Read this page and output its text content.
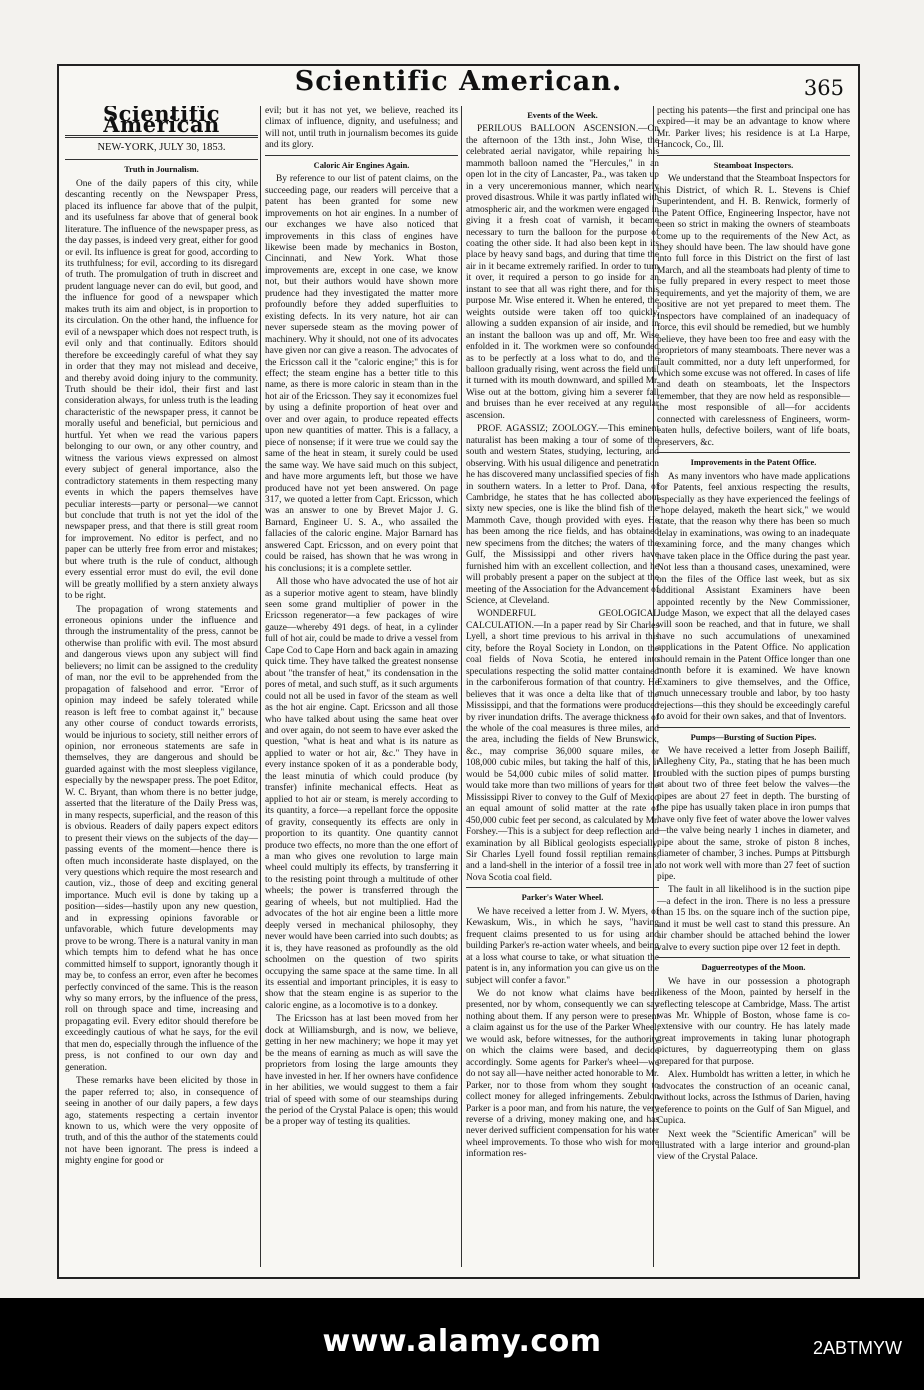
Scientific American.	365
Scientific American
NEW-YORK, JULY 30, 1853.
Truth in Journalism.

One of the daily papers of this city, while descanting recently on the Newspaper Press, placed its influence far above that of the pulpit, and its usefulness far above that of general book literature. The influence of the newspaper press, as the day passes, is indeed very great, either for good or evil. Its influence is great for good, according to its truthfulness; for evil, according to its disregard of truth. The promulgation of truth in discreet and prudent language never can do evil, but good, and the influence for good of a newspaper which makes truth its aim and object, is in proportion to its circulation. On the other hand, the influence for evil of a newspaper which does not respect truth, is evil only and that continually. Editors should therefore be exceedingly careful of what they say in order that they may not mislead and deceive, and thereby avoid doing injury to the community. Truth should be their idol, their first and last consideration always, for unless truth is the leading characteristic of the newspaper press, it cannot be morally useful and beneficial, but pernicious and hurtful. Yet when we read the various papers belonging to our own, or any other country, and witness the various views expressed on almost every subject of general importance, also the contradictory statements in them respecting many events in which the papers themselves have peculiar interests—party or personal—we cannot but conclude that truth is not yet the idol of the newspaper press, and that there is still great room for improvement. No editor is perfect, and no paper can be utterly free from error and mistakes; but where truth is the rule of conduct, although every essential error must do evil, the evil done will be greatly mollified by a stern anxiety always to be right.

The propagation of wrong statements and erroneous opinions under the influence and through the instrumentality of the press, cannot be otherwise than prolific with evil. The most absurd and dangerous views upon any subject will find believers; no limit can be assigned to the credulity of man, nor the evil to be apprehended from the propagation of falsehood and error. "Error of opinion may indeed be safely tolerated while reason is left free to combat against it," because any other course of conduct towards errorists, would be injurious to society, still neither errors of opinion, nor erroneous statements are safe in themselves, they are dangerous and should be guarded against with the most sleepless vigilance, especially by the newspaper press. The poet Editor, W. C. Bryant, than whom there is no better judge, asserted that the literature of the Daily Press was, in many respects, superficial, and the reason of this is obvious. Readers of daily papers expect editors to present their views on the subjects of the day—passing events of the moment—hence there is often much inconsiderate haste displayed, on the very questions which require the most research and caution, viz., those of deep and exciting general importance. Much evil is done by taking up a position—sides—hastily upon any new question, and in expressing opinions favorable or unfavorable, which future developments may prove to be wrong. There is a natural vanity in man which tempts him to defend what he has once committed himself to support, ignorantly though it may be, to confess an error, even after he becomes perfectly convinced of the same. This is the reason why so many errors, by the influence of the press, roll on through space and time, increasing and propagating evil. Every editor should therefore be exceedingly cautious of what he says, for the evil that men do, especially through the influence of the press, is not confined to our own day and generation.

These remarks have been elicited by those in the paper referred to; also, in consequence of seeing in another of our daily papers, a few days ago, statements respecting a certain inventor known to us, which were the very opposite of truth, and of this the author of the statements could not have been ignorant. The press is indeed a mighty engine for good or

evil; but it has not yet, we believe, reached its climax of influence, dignity, and usefulness; and will not, until truth in journalism becomes its guide and its glory.

Caloric Air Engines Again.

By reference to our list of patent claims, on the succeeding page, our readers will perceive that a patent has been granted for some new improvements on hot air engines. In a number of our exchanges we have also noticed that improvements in this class of engines have likewise been made by mechanics in Boston, Cincinnati, and New York. What those improvements are, except in one case, we know not, but their authors would have shown more prudence had they investigated the matter more profoundly before they added superfluities to existing defects. In its very nature, hot air can never supersede steam as the moving power of machinery. Why it should, not one of its advocates have given nor can give a reason. The advocates of the Ericsson call it the "caloric engine;" this is for effect; the steam engine has a better title to this name, as there is more caloric in steam than in the hot air of the Ericsson. They say it economizes fuel by using a definite proportion of heat over and over and over again, to produce repeated effects upon new quantities of matter. This is a fallacy, a piece of nonsense; if it were true we could say the same of the heat in steam, it surely could be used the same way. We have said much on this subject, and have more arguments left, but those we have produced have not yet been answered. On page 317, we quoted a letter from Capt. Ericsson, which was an answer to one by Brevet Major J. G. Barnard, Engineer U. S. A., who assailed the fallacies of the caloric engine. Major Barnard has answered Capt. Ericsson, and on every point that could be raised, has shown that he was wrong in his conclusions; it is a complete settler.

All those who have advocated the use of hot air as a superior motive agent to steam, have blindly seen some grand multiplier of power in the Ericsson regenerator—a few packages of wire gauze—whereby 491 degs. of heat, in a cylinder full of hot air, could be made to drive a vessel from Cape Cod to Cape Horn and back again in amazing quick time. They have talked the greatest nonsense about "the transfer of heat," its condensation in the pores of metal, and such stuff, as it such arguments could not all be used in favor of the steam as well as the hot air engine. Capt. Ericsson and all those who have talked about using the same heat over and over again, do not seem to have ever asked the question, "what is heat and what is its nature as applied to water or hot air, &c." They have in every instance spoken of it as a ponderable body, the least minutia of which could produce (by transfer) infinite mechanical effects. Heat as applied to hot air or steam, is merely according to its quantity, a force—a repellant force the opposite of gravity, consequently its effects are only in proportion to its quantity. One quantity cannot produce two effects, no more than the one effort of a man who gives one revolution to large main wheel could multiply its effects, by transferring it to the resisting point through a multitude of other wheels; the power is transferred through the gearing of wheels, but not multiplied. Had the advocates of the hot air engine been a little more deeply versed in mechanical philosophy, they never would have been carried into such doubts; as it is, they have reasoned as profoundly as the old schoolmen on the question of two spirits occupying the same space at the same time. In all its essential and important principles, it is easy to show that the steam engine is as superior to the caloric engine, as a locomotive is to a donkey.

The Ericsson has at last been moved from her dock at Williamsburgh, and is now, we believe, getting in her new machinery; we hope it may yet be the means of earning as much as will save the proprietors from losing the large amounts they have invested in her. If her owners have confidence in her abilities, we would suggest to them a fair trial of speed with some of our steamships during the period of the Crystal Palace is open; this would be a proper way of testing its qualities.

Events of the Week.

PERILOUS BALLOON ASCENSION.—On the afternoon of the 13th inst., John Wise, the celebrated aerial navigator, while repairing his mammoth balloon named the "Hercules," in an open lot in the city of Lancaster, Pa., was taken up in a very unceremonious manner, which nearly proved disastrous. While it was partly inflated with atmospheric air, and the workmen were engaged in giving it a fresh coat of varnish, it became necessary to turn the balloon for the purpose of coating the other side. It had also been kept in its place by heavy sand bags, and during that time the air in it became extremely rarified. In order to turn it over, it required a person to go inside for an instant to see that all was right there, and for this purpose Mr. Wise entered it. When he entered, the weights outside were taken off too quickly, allowing a sudden expansion of air inside, and in an instant the balloon was up and off, Mr. Wise enfolded in it. The workmen were so confounded as to be perfectly at a loss what to do, and the balloon gradually rising, went across the field until it turned with its mouth downward, and spilled Mr. Wise out at the bottom, giving him a severer fall and bruises than he ever received at any regular ascension.

PROF. AGASSIZ; ZOOLOGY.—This eminent naturalist has been making a tour of some of the south and western States, studying, lecturing, and observing. With his usual diligence and penetration he has discovered many unclassified species of fish in southern waters. In a letter to Prof. Dana, of Cambridge, he states that he has collected about sixty new species, one is like the blind fish of the Mammoth Cave, though provided with eyes. He has been among the rice fields, and has obtained new specimens from the ditches; the waters of the Gulf, the Mississippi and other rivers have furnished him with an excellent collection, and he will probably present a paper on the subject at the meeting of the Association for the Advancement of Science, at Cleveland.

WONDERFUL GEOLOGICAL CALCULATION.—In a paper read by Sir Charles Lyell, a short time previous to his arrival in this city, before the Royal Society in London, on the coal fields of Nova Scotia, he entered into speculations respecting the solid matter contained in the carboniferous formation of that country. He believes that it was once a delta like that of the Mississippi, and that the formations were produced by river inundation drifts. The average thickness of the whole of the coal measures is three miles, and the area, including the fields of New Brunswick, &c., may comprise 36,000 square miles, or 108,000 cubic miles, but taking the half of this, it would be 54,000 cubic miles of solid matter. It would take more than two millions of years for the Mississippi River to convey to the Gulf of Mexico an equal amount of solid matter at the rate of 450,000 cubic feet per second, as calculated by Mr. Forshey.—This is a subject for deep reflection and examination by all Biblical geologists especially. Sir Charles Lyell found fossil reptilian remains, and a land-shell in the interior of a fossil tree in a Nova Scotia coal field.

Parker's Water Wheel.

We have received a letter from J. W. Myers, of Kewaskum, Wis., in which he says, "having frequent claims presented to us for using and building Parker's re-action water wheels, and being at a loss what course to take, or what situation the patent is in, any information you can give us on the subject will confer a favor."

We do not know what claims have been presented, nor by whom, consequently we can say nothing about them. If any person were to present a claim against us for the use of the Parker Wheel, we would ask, before witnesses, for the authority on which the claims were based, and decide accordingly. Some agents for Parker's wheel—we do not say all—have neither acted honorable to Mr. Parker, nor to those from whom they sought to collect money for alleged infringements. Zebulon Parker is a poor man, and from his nature, the very reverse of a driving, money making one, and has never derived sufficient compensation for his water wheel improvements. To those who wish for more information res-

pecting his patents—the first and principal one has expired—it may be an advantage to know where Mr. Parker lives; his residence is at La Harpe, Hancock, Co., Ill.

Steamboat Inspectors.

We understand that the Steamboat Inspectors for this District, of which R. L. Stevens is Chief Superintendent, and H. B. Renwick, formerly of the Patent Office, Engineering Inspector, have not been so strict in making the owners of steamboats come up to the requirements of the New Act, as they should have been. The law should have gone into full force in this District on the first of last March, and all the steamboats had plenty of time to be fully prepared in every respect to meet those requirements, and yet the majority of them, we are positive are not yet prepared to meet them. The Inspectors have complained of an inadequacy of force, this evil should be remedied, but we humbly believe, they have been too free and easy with the proprietors of many steamboats. There never was a fault committed, nor a duty left unperformed, for which some excuse was not offered. In cases of life and death on steamboats, let the Inspectors remember, that they are now held as responsible—the most responsible of all—for accidents connected with carelessness of Engineers, worm-eaten hulls, defective boilers, want of life boats, preservers, &c.

Improvements in the Patent Office.

As many inventors who have made applications for Patents, feel anxious respecting the results, especially as they have experienced the feelings of "hope delayed, maketh the heart sick," we would state, that the reason why there has been so much delay in examinations, was owing to an inadequate examining force, and the many changes which have taken place in the Office during the past year. Not less than a thousand cases, unexamined, were on the files of the Office last week, but as six additional Assistant Examiners have been appointed recently by the New Commissioner, Judge Mason, we expect that all the delayed cases will soon be reached, and that in future, we shall have no such accumulations of unexamined applications in the Patent Office. No application should remain in the Patent Office longer than one month before it is examined. We have known Examiners to give themselves, and the Office, much unnecessary trouble and labor, by too hasty rejections—this they should be exceedingly careful to avoid for their own sakes, and that of Inventors.

Pumps—Bursting of Suction Pipes.

We have received a letter from Joseph Bailiff, Allegheny City, Pa., stating that he has been much troubled with the suction pipes of pumps bursting at about two of three feet below the valves—the pipes are about 27 feet in depth. The bursting of the pipe has usually taken place in iron pumps that have only five feet of water above the lower valves—the valve being nearly 1 inches in diameter, and pipe about the same, stroke of piston 8 inches, diameter of chamber, 3 inches. Pumps at Pittsburgh do not work well with more than 27 feet of suction pipe.

The fault in all likelihood is in the suction pipe—a defect in the iron. There is no less a pressure than 15 lbs. on the square inch of the suction pipe, and it must be well cast to stand this pressure. An air chamber should be attached behind the lower valve to every suction pipe over 12 feet in depth.

Daguerreotypes of the Moon.

We have in our possession a photograph likeness of the Moon, painted by herself in the reflecting telescope at Cambridge, Mass. The artist was Mr. Whipple of Boston, whose fame is co-extensive with our country. He has lately made great improvements in taking lunar photograph pictures, by daguerreotyping them on glass prepared for that purpose.

Alex. Humboldt has written a letter, in which he advocates the construction of an oceanic canal, without locks, across the Isthmus of Darien, having reference to points on the Gulf of San Miguel, and Cupica.

Next week the "Scientific American" will be illustrated with a large interior and ground-plan view of the Crystal Palace.

www.alamy.com	2ABTMYW
